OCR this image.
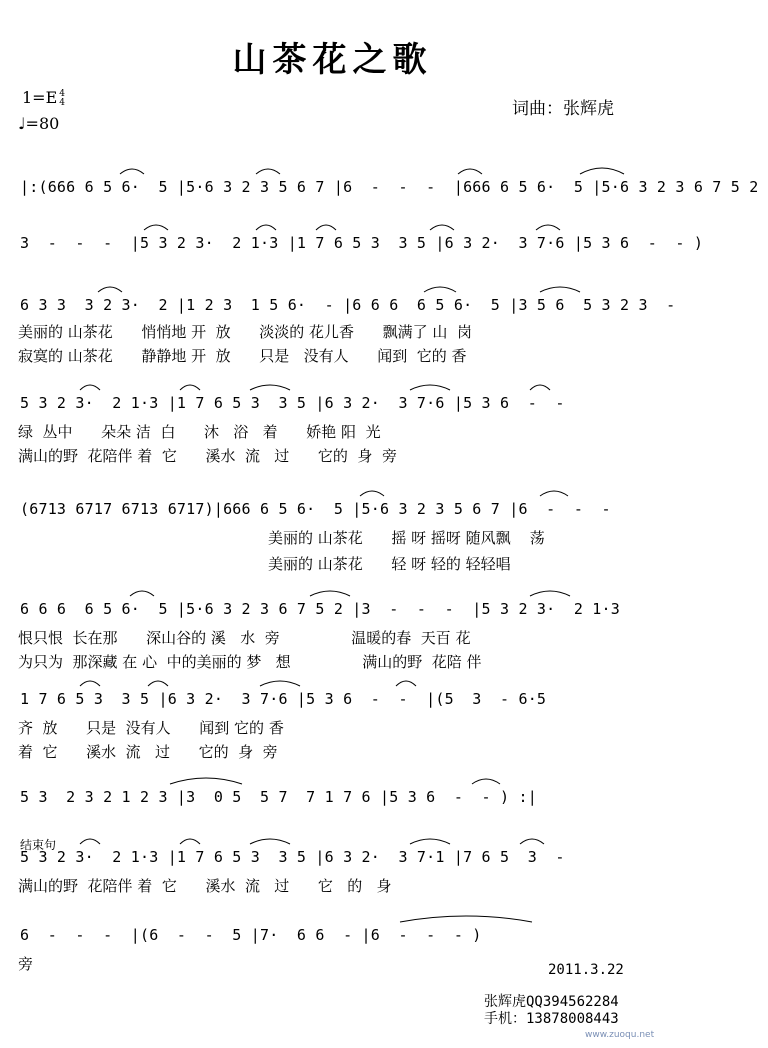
山茶花之歌
1=E 4
4
♩=80
词曲：张辉虎
|:(666 6 5 6·  5 |5·6 3 2 3 5 6 7 |6  -  -  -  |666 6 5 6·  5 |5·6 3 2 3 6 7 5 2
3  -  -  -  |5 3 2 3·  2 1·3 |1 7 6 5 3  3 5 |6 3 2·  3 7·6 |5 3 6  -  - )
6 3 3  3 2 3·  2 |1 2 3  1 5 6·  - |6 6 6  6 5 6·  5 |3 5 6  5 3 2 3  -
美丽的 山茶花      悄悄地 开  放      淡淡的 花儿香      飘满了 山  岗
寂寞的 山茶花      静静地 开  放      只是   没有人      闻到  它的 香
5 3 2 3·  2 1·3 |1 7 6 5 3  3 5 |6 3 2·  3 7·6 |5 3 6  -  -
绿  丛中      朵朵 洁  白      沐   浴   着      娇艳 阳  光
满山的野  花陪伴 着  它      溪水  流   过      它的  身  旁
(6713 6717 6713 6717)|666 6 5 6·  5 |5·6 3 2 3 5 6 7 |6  -  -  -
美丽的 山茶花      摇 呀 摇呀 随风飘    荡
美丽的 山茶花      轻 呀 轻的 轻轻唱
6 6 6  6 5 6·  5 |5·6 3 2 3 6 7 5 2 |3  -  -  -  |5 3 2 3·  2 1·3
恨只恨  长在那      深山谷的 溪   水  旁               温暖的春  天百 花
为只为  那深藏 在 心  中的美丽的 梦   想               满山的野  花陪 伴
1 7 6 5 3  3 5 |6 3 2·  3 7·6 |5 3 6  -  -  |(5  3  - 6·5
齐  放      只是  没有人      闻到 它的 香
着  它      溪水  流   过      它的  身  旁
5 3  2 3 2 1 2 3 |3  0 5  5 7  7 1 7 6 |5 3 6  -  - ) :|
结束句
5 3 2 3·  2 1·3 |1 7 6 5 3  3 5 |6 3 2·  3 7·1 |7 6 5  3  -
满山的野  花陪伴 着  它      溪水  流   过      它   的   身
6  -  -  -  |(6  -  -  5 |7·  6 6  - |6  -  -  - )
旁	2011.3.22
张辉虎QQ394562284
手机：13878008443
www.zuoqu.net
